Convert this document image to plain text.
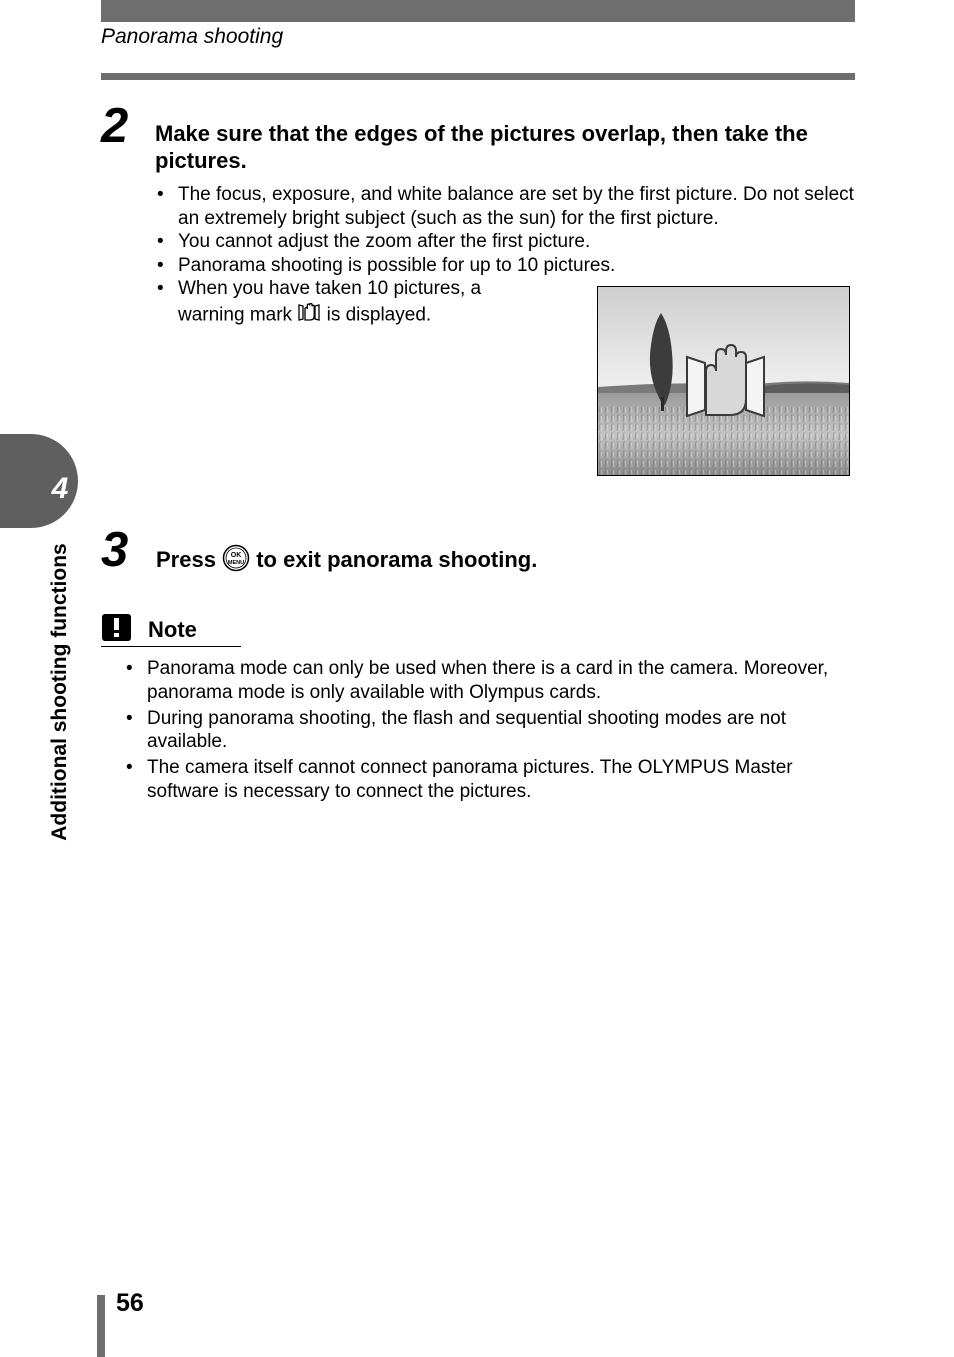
Panorama shooting
4
Additional shooting functions
2 Make sure that the edges of the pictures overlap, then take the pictures.
• The focus, exposure, and white balance are set by the first picture. Do not select an extremely bright subject (such as the sun) for the first picture.
• You cannot adjust the zoom after the first picture.
• Panorama shooting is possible for up to 10 pictures.
• When you have taken 10 pictures, a warning mark is displayed.
3 Press OK
MENU to exit panorama shooting.
Note
• Panorama mode can only be used when there is a card in the camera. Moreover, panorama mode is only available with Olympus cards.
• During panorama shooting, the flash and sequential shooting modes are not available.
• The camera itself cannot connect panorama pictures. The OLYMPUS Master software is necessary to connect the pictures.
56
